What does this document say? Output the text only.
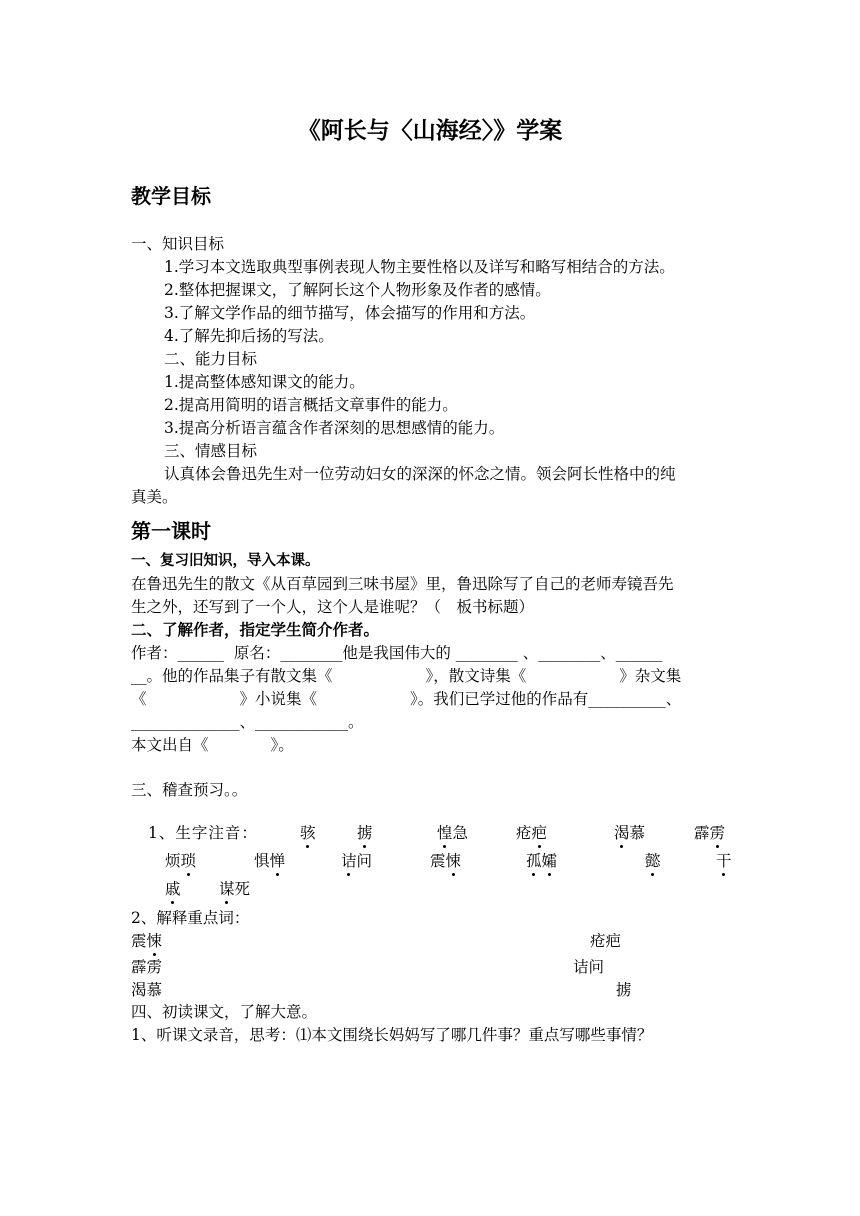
《阿长与〈山海经〉》学案
教学目标
一、知识目标
1.学习本文选取典型事例表现人物主要性格以及详写和略写相结合的方法。
2.整体把握课文，了解阿长这个人物形象及作者的感情。
3.了解文学作品的细节描写，体会描写的作用和方法。
4.了解先抑后扬的写法。
二、能力目标
1.提高整体感知课文的能力。
2.提高用简明的语言概括文章事件的能力。
3.提高分析语言蕴含作者深刻的思想感情的能力。
三、情感目标
认真体会鲁迅先生对一位劳动妇女的深深的怀念之情。领会阿长性格中的纯
真美。
第一课时
一、复习旧知识，导入本课。
在鲁迅先生的散文《从百草园到三味书屋》里，鲁迅除写了自己的老师寿镜吾先
生之外，还写到了一个人，这个人是谁呢？（　板书标题）
二、了解作者，指定学生简介作者。
作者：______  原名：________他是我国伟大的 ________ 、________、______
__。他的作品集子有散文集《　　　　　　》，散文诗集《　　　　　　》杂文集
《　　　　　　》小说集《　　　　　　》。我们已学过他的作品有__________、
______________、____________。
本文出自《　　　　》。
三、稽查预习。。
1、生字注音：	骇	掳	惶急	疮疤	渴慕	霹雳
烦琐	惧惮	诘问	震悚	孤孀	懿	干
戚 谋死
2、解释重点词：
震悚	疮疤
霹雳	诘问
渴慕	掳
四、初读课文，了解大意。
1、听课文录音，思考：⑴本文围绕长妈妈写了哪几件事？重点写哪些事情？
